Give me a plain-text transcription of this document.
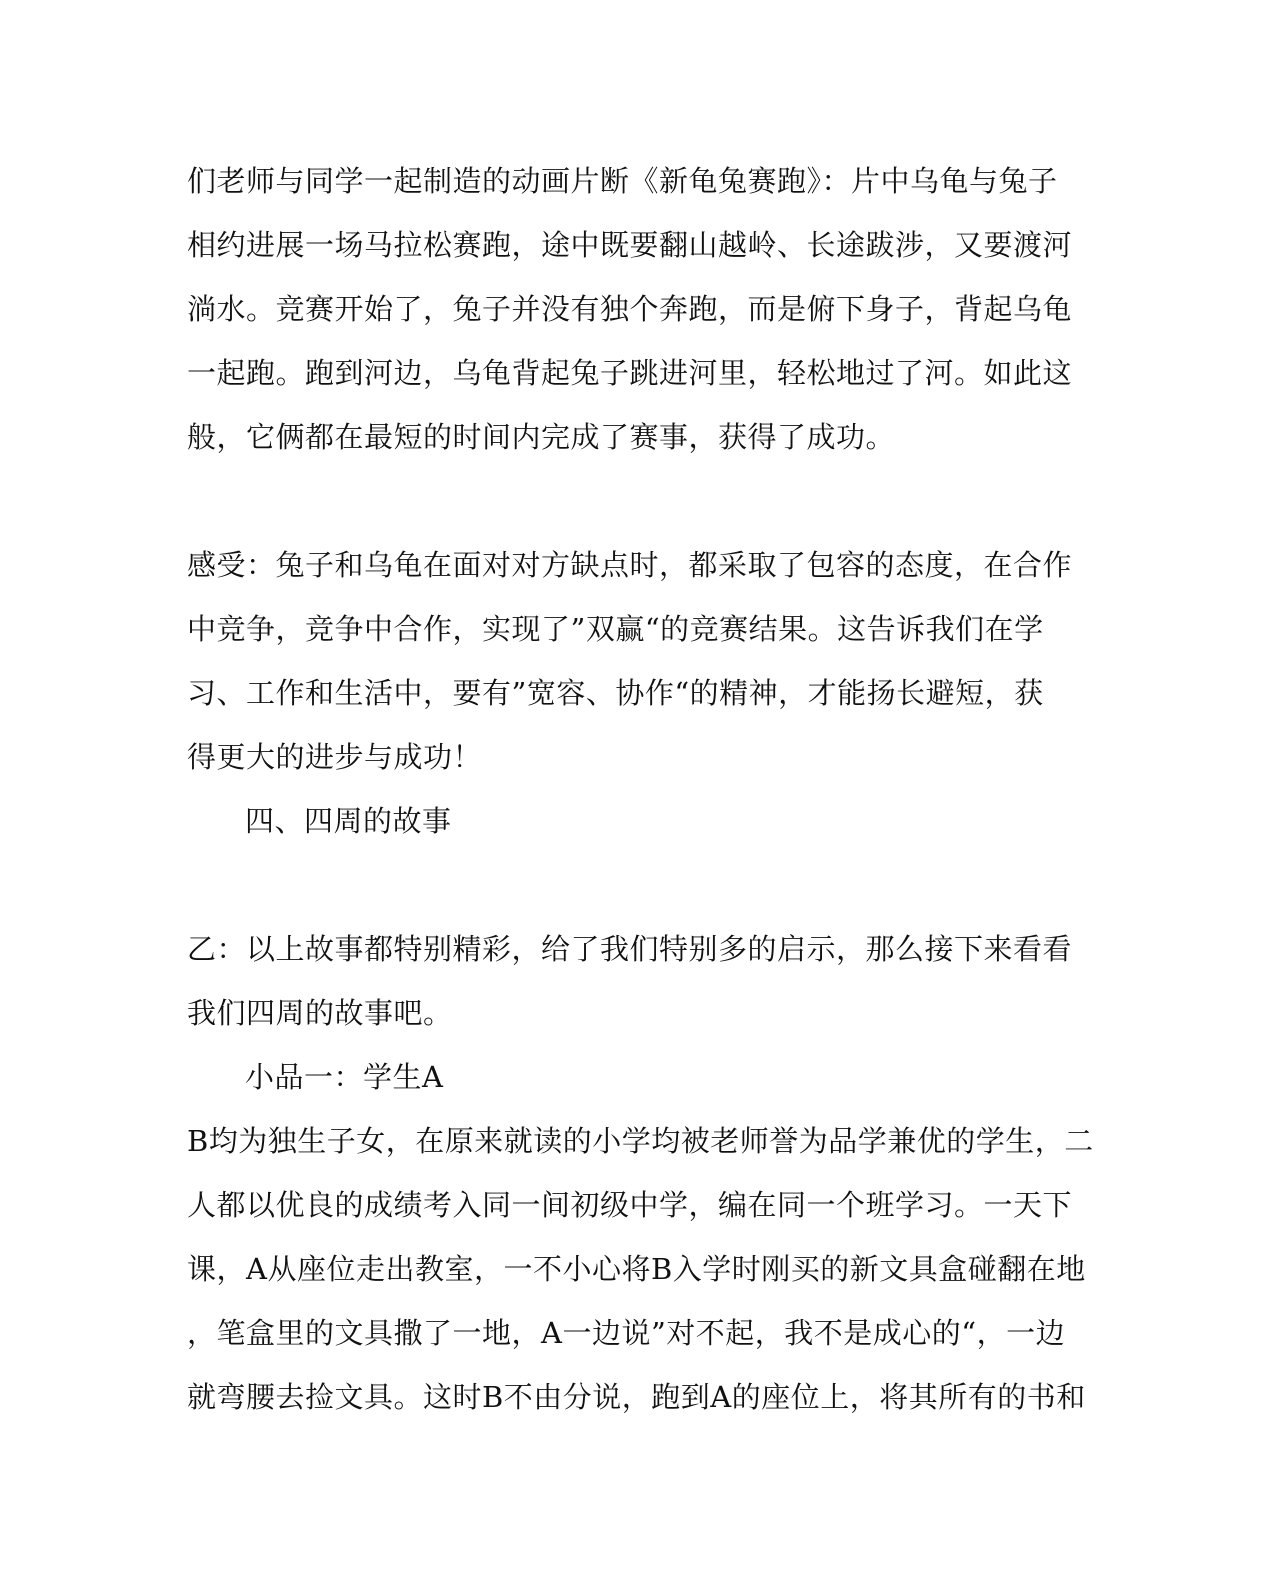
们老师与同学一起制造的动画片断《新龟兔赛跑》：片中乌龟与兔子
相约进展一场马拉松赛跑，途中既要翻山越岭、长途跋涉，又要渡河
淌水。竞赛开始了，兔子并没有独个奔跑，而是俯下身子，背起乌龟
一起跑。跑到河边，乌龟背起兔子跳进河里，轻松地过了河。如此这
般，它俩都在最短的时间内完成了赛事，获得了成功。
感受：兔子和乌龟在面对对方缺点时，都采取了包容的态度，在合作
中竞争，竞争中合作，实现了”双赢“的竞赛结果。这告诉我们在学
习、工作和生活中，要有”宽容、协作“的精神，才能扬长避短，获
得更大的进步与成功！
四、四周的故事
乙：以上故事都特别精彩，给了我们特别多的启示，那么接下来看看
我们四周的故事吧。
小品一：学生A
B均为独生子女，在原来就读的小学均被老师誉为品学兼优的学生，二
人都以优良的成绩考入同一间初级中学，编在同一个班学习。一天下
课，A从座位走出教室，一不小心将B入学时刚买的新文具盒碰翻在地
，笔盒里的文具撒了一地，A一边说”对不起，我不是成心的“，一边
就弯腰去捡文具。这时B不由分说，跑到A的座位上，将其所有的书和
